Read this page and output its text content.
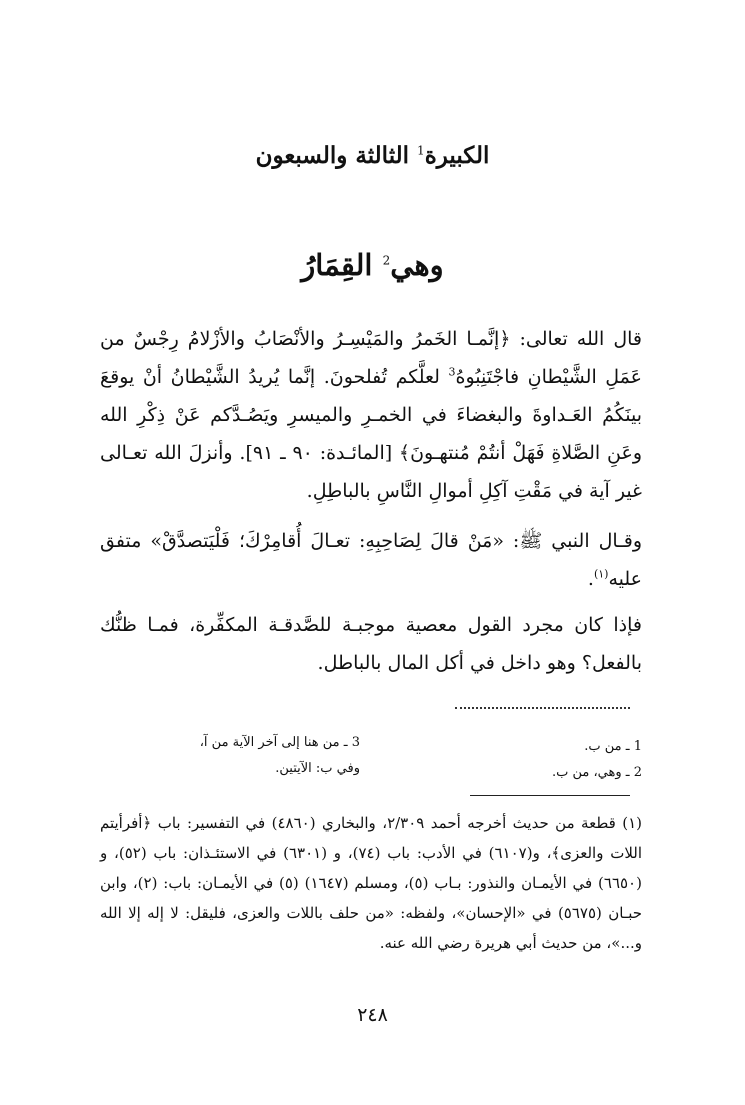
الكبيرة$^1$ الثالثة والسبعون
وهي$^2$ القِمَارُ

قال الله تعالى: ﴿إنَّمـا الخَمرُ والمَيْسِـرُ والأنْصَابُ والأزْلامُ رِجْسٌ من عَمَلِ الشَّيْطانِ فاجْتَنِبُوهُ$^3$ لعلَّكم تُفلحونَ. إنَّما يُريدُ الشَّيْطانُ أنْ يوقعَ بينَكُمُ العَـداوةَ والبغضاءَ في الخمـرِ والميسرِ ويَصُـدَّكم عَنْ ذِكْرِ الله وعَنِ الصَّلاةِ فَهَلْ أنتُمْ مُنتهـونَ﴾ [المائـدة: ٩٠ ـ ٩١]. وأنزلَ الله تعـالى غير آية في مَقْتِ آكِلِ أموالِ النَّاسِ بالباطِلِ.

وقـال النبي ﷺ: «مَنْ قالَ لِصَاحِبِهِ: تعـالَ أُقامِرْكَ؛ فَلْيَتصدَّقْ» متفق عليه$^{(١)}$.

فإذا كان مجرد القول معصية موجبـة للصَّدقـة المكفِّرة، فمـا ظنُّك بالفعل؟ وهو داخل في أكل المال بالباطل.

1 ـ من ب.

2 ـ وهي، من ب.

3 ـ من هنا إلى آخر الآية من آ،

وفي ب: الآيتين.

(١) قطعة من حديث أخرجه أحمد ٢/٣٠٩، والبخاري (٤٨٦٠) في التفسير: باب ﴿أفرأيتم اللات والعزى﴾، و(٦١٠٧) في الأدب: باب (٧٤)، و (٦٣٠١) في الاستئـذان: باب (٥٢)، و (٦٦٥٠) في الأيمـان والنذور: بـاب (٥)، ومسلم (١٦٤٧) (٥) في الأيمـان: باب: (٢)، وابن حبـان (٥٦٧٥) في «الإحسان»، ولفظه: «من حلف باللات والعزى، فليقل: لا إله إلا الله و...»، من حديث أبي هريرة رضي الله عنه.

٢٤٨
